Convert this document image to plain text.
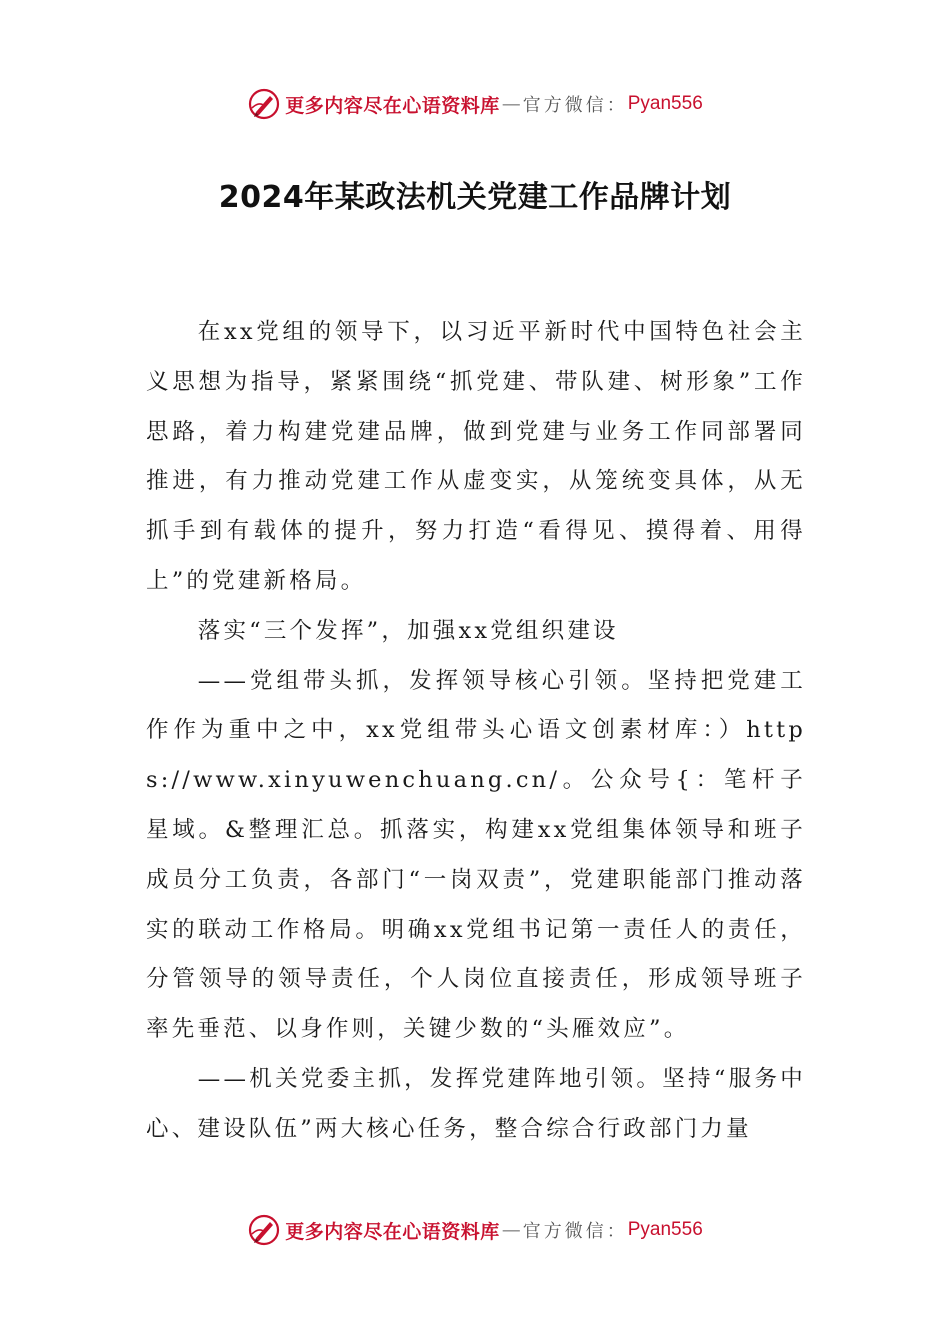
更多内容尽在心语资料库 — 官方微信： Pyan556
2024年某政法机关党建工作品牌计划

在xx党组的领导下，以习近平新时代中国特色社会主义思想为指导，紧紧围绕“抓党建、带队建、树形象”工作思路，着力构建党建品牌，做到党建与业务工作同部署同推进，有力推动党建工作从虚变实，从笼统变具体，从无抓手到有载体的提升，努力打造“看得见、摸得着、用得上”的党建新格局。

落实“三个发挥”，加强xx党组织建设

——党组带头抓，发挥领导核心引领。坚持把党建工作作为重中之中，xx党组带头心语文创素材库：）https://www.xinyuwenchuang.cn/。公众号{：笔杆子星域。&整理汇总。抓落实，构建xx党组集体领导和班子成员分工负责，各部门“一岗双责”，党建职能部门推动落实的联动工作格局。明确xx党组书记第一责任人的责任，分管领导的领导责任，个人岗位直接责任，形成领导班子率先垂范、以身作则，关键少数的“头雁效应”。

——机关党委主抓，发挥党建阵地引领。坚持“服务中心、建设队伍”两大核心任务，整合综合行政部门力量

更多内容尽在心语资料库 — 官方微信： Pyan556
